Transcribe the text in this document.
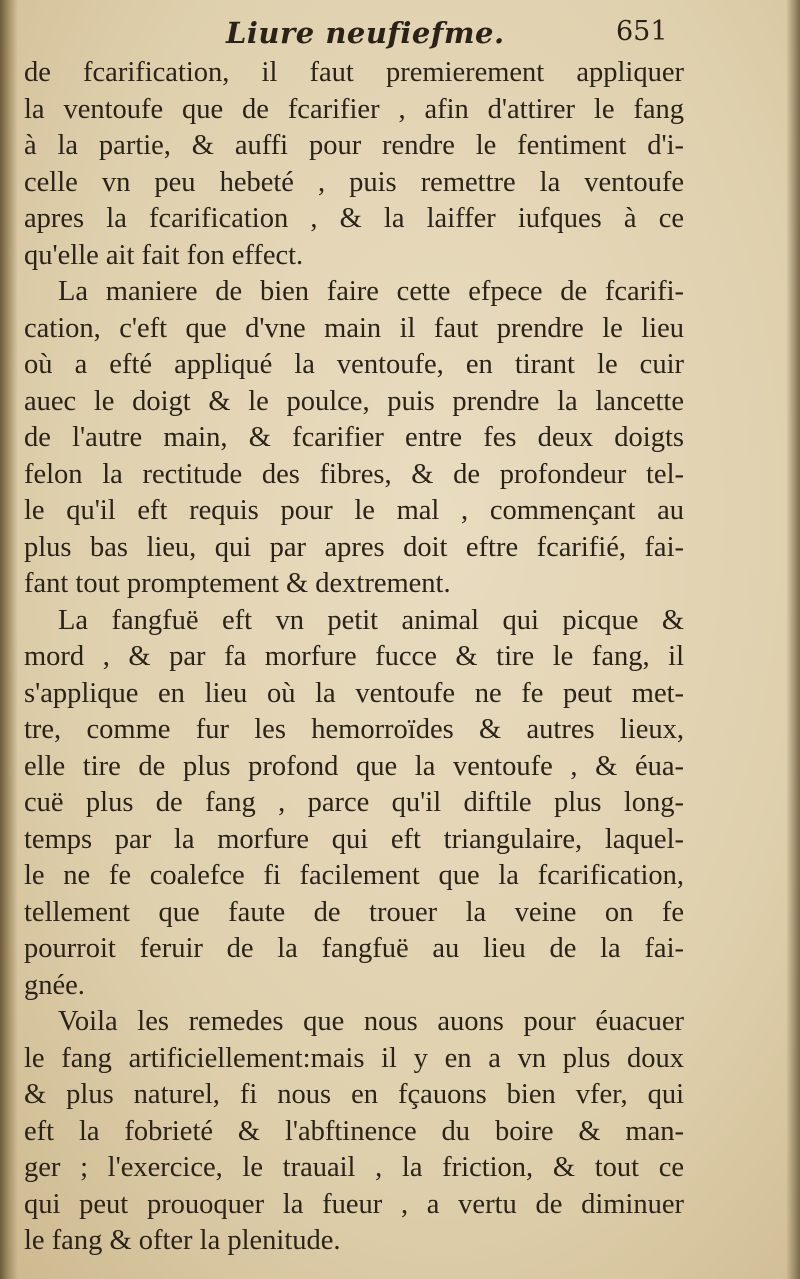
Liure neufiefme.	651
de fcarification, il faut premierement appliquer
la ventoufe que de fcarifier , afin d'attirer le fang
à la partie, & auffi pour rendre le fentiment d'i-
celle vn peu hebeté , puis remettre la ventoufe
apres la fcarification , & la laiffer iufques à ce
qu'elle ait fait fon effect.
La maniere de bien faire cette efpece de fcarifi-
cation, c'eft que d'vne main il faut prendre le lieu
où a efté appliqué la ventoufe, en tirant le cuir
auec le doigt & le poulce, puis prendre la lancette
de l'autre main, & fcarifier entre fes deux doigts
felon la rectitude des fibres, & de profondeur tel-
le qu'il eft requis pour le mal , commençant au
plus bas lieu, qui par apres doit eftre fcarifié, fai-
fant tout promptement & dextrement.
La fangfuë eft vn petit animal qui picque &
mord , & par fa morfure fucce & tire le fang, il
s'applique en lieu où la ventoufe ne fe peut met-
tre, comme fur les hemorroïdes & autres lieux,
elle tire de plus profond que la ventoufe , & éua-
cuë plus de fang , parce qu'il diftile plus long-
temps par la morfure qui eft triangulaire, laquel-
le ne fe coalefce fi facilement que la fcarification,
tellement que faute de trouer la veine on fe
pourroit feruir de la fangfuë au lieu de la fai-
gnée.
Voila les remedes que nous auons pour éuacuer
le fang artificiellement:mais il y en a vn plus doux
& plus naturel, fi nous en fçauons bien vfer, qui
eft la fobrieté & l'abftinence du boire & man-
ger ; l'exercice, le trauail , la friction, & tout ce
qui peut prouoquer la fueur , a vertu de diminuer
le fang & ofter la plenitude.
